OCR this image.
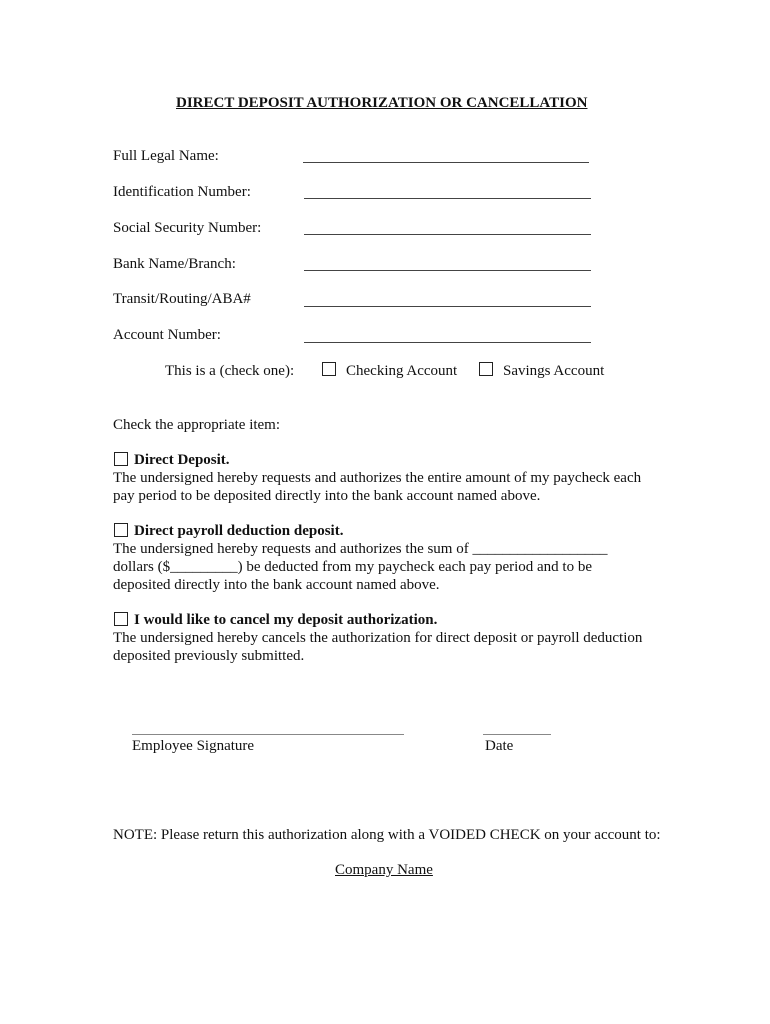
DIRECT DEPOSIT AUTHORIZATION OR CANCELLATION
Full Legal Name:
Identification Number:
Social Security Number:
Bank Name/Branch:
Transit/Routing/ABA#
Account Number:
This is a (check one):	Checking Account	Savings Account
Check the appropriate item:
Direct Deposit.
The undersigned hereby requests and authorizes the entire amount of my paycheck each
pay period to be deposited directly into the bank account named above.
Direct payroll deduction deposit.
The undersigned hereby requests and authorizes the sum of __________________
dollars ($_________) be deducted from my paycheck each pay period and to be
deposited directly into the bank account named above.
I would like to cancel my deposit authorization.
The undersigned hereby cancels the authorization for direct deposit or payroll deduction
deposited previously submitted.
Employee Signature	Date
NOTE: Please return this authorization along with a VOIDED CHECK on your account to:
Company Name
